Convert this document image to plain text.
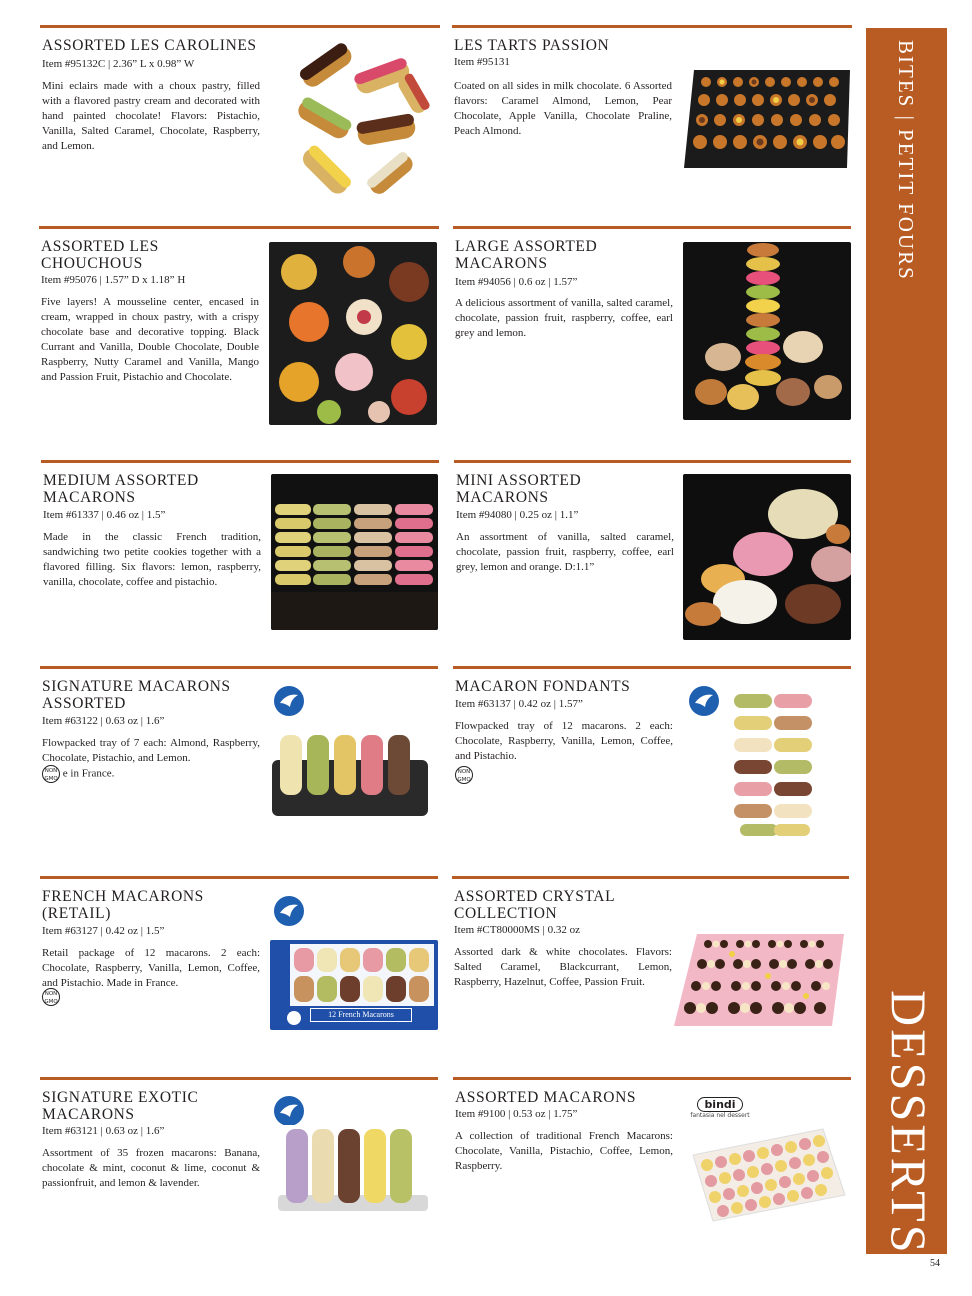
ASSORTED LES CAROLINES
Item #95132C | 2.36” L x 0.98” W
Mini eclairs made with a choux pastry, filled with a flavored pastry cream and decorated with hand painted chocolate! Flavors: Pistachio, Vanilla, Salted Caramel, Chocolate, Raspberry, and Lemon.
LES TARTS PASSION
Item #95131
Coated on all sides in milk chocolate. 6 Assorted flavors: Caramel Almond, Lemon, Pear Chocolate, Apple Vanilla, Chocolate Praline, Peach Almond.
ASSORTED LES CHOUCHOUS
Item #95076 | 1.57” D x 1.18” H
Five layers! A mousseline center, encased in cream, wrapped in choux pastry, with a crispy chocolate base and decorative topping. Black Currant and Vanilla, Double Chocolate, Double Raspberry, Nutty Caramel and Vanilla, Mango and Passion Fruit, Pistachio and Chocolate.
LARGE ASSORTED MACARONS
Item #94056 | 0.6 oz | 1.57”
A delicious assortment of vanilla, salted caramel, chocolate, passion fruit, raspberry, coffee, earl grey and lemon.
MEDIUM ASSORTED MACARONS
Item #61337 | 0.46 oz | 1.5”
Made in the classic French tradition, sandwiching two petite cookies together with a flavored filling. Six flavors: lemon, raspberry, vanilla, chocolate, coffee and pistachio.
MINI ASSORTED MACARONS
Item #94080 | 0.25 oz | 1.1”
An assortment of vanilla, salted caramel, chocolate, passion fruit, raspberry, coffee, earl grey, lemon and orange. D:1.1”
SIGNATURE MACARONS ASSORTED
Item #63122 | 0.63 oz | 1.6”
Flowpacked tray of 7 each: Almond, Raspberry, Chocolate, Pistachio, and Lemon.
NON GMO e in France.
MACARON FONDANTS
Item #63137 | 0.42 oz | 1.57”
Flowpacked tray of 12 macarons. 2 each: Chocolate, Raspberry, Vanilla, Lemon, Coffee, and Pistachio.
NON GMO
FRENCH MACARONS (RETAIL)
Item #63127 | 0.42 oz | 1.5”
Retail package of 12 macarons. 2 each: Chocolate, Raspberry, Vanilla, Lemon, Coffee, and Pistachio. Made in France.
NON GMO
12 French Macarons
ASSORTED CRYSTAL COLLECTION
Item #CT80000MS | 0.32 oz
Assorted dark & white chocolates. Flavors: Salted Caramel, Blackcurrant, Lemon, Raspberry, Hazelnut, Coffee, Passion Fruit.
SIGNATURE EXOTIC MACARONS
Item #63121 | 0.63 oz | 1.6”
Assortment of 35 frozen macarons: Banana, chocolate & mint, coconut & lime, coconut & passionfruit, and lemon & lavender.
ASSORTED MACARONS
Item #9100 | 0.53 oz | 1.75”
A collection of traditional French Macarons: Chocolate, Vanilla, Pistachio, Coffee, Lemon, Raspberry.
bindi
fantasia nel dessert
BITES | PETIT FOURS
DESSERTS
54
